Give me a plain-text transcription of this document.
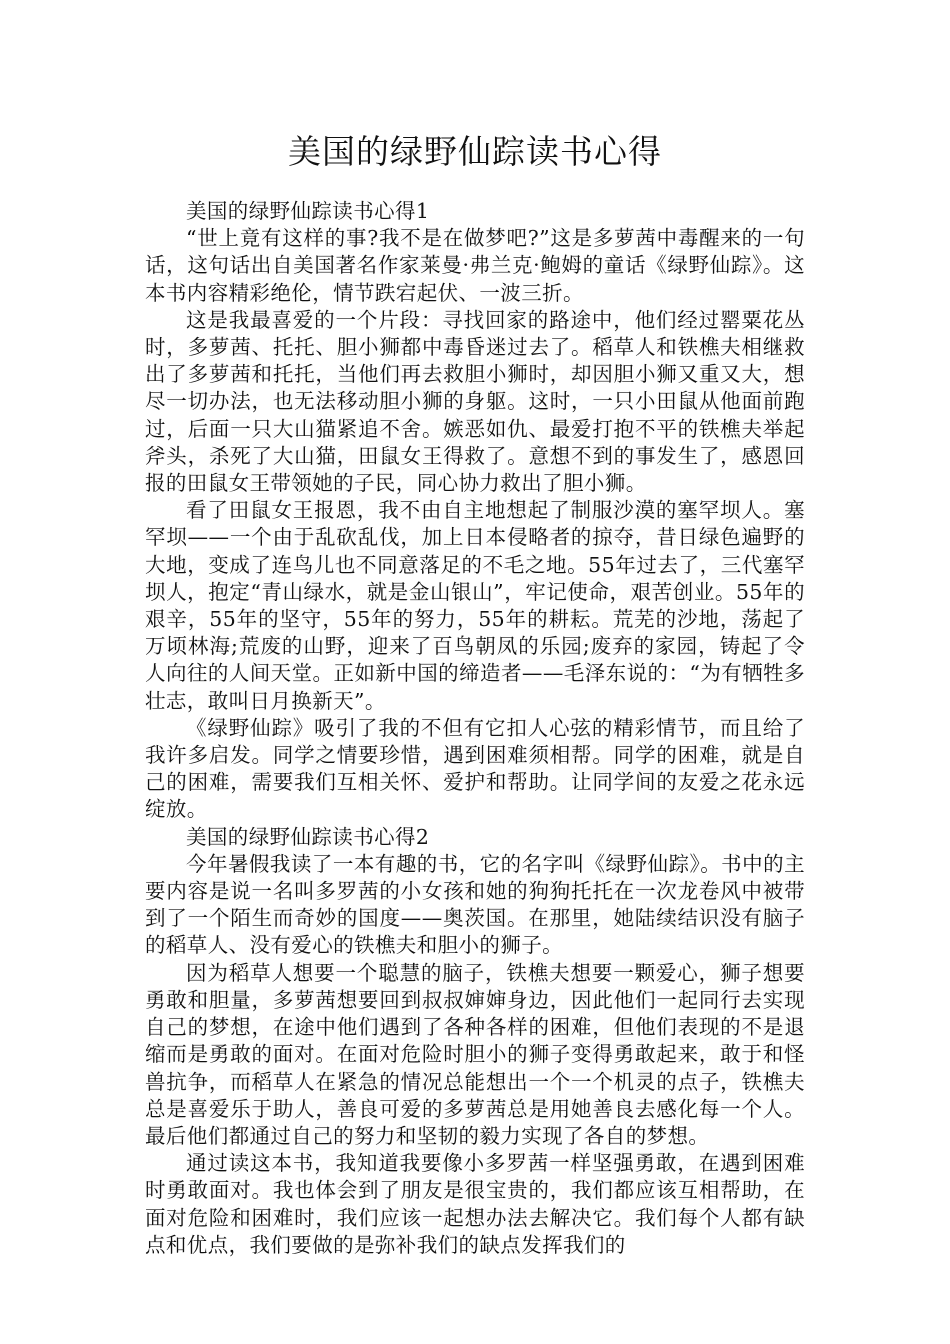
美国的绿野仙踪读书心得

美国的绿野仙踪读书心得1

“世上竟有这样的事?我不是在做梦吧?”这是多萝茜中毒醒来的一句话，这句话出自美国著名作家莱曼·弗兰克·鲍姆的童话《绿野仙踪》。这本书内容精彩绝伦，情节跌宕起伏、一波三折。

这是我最喜爱的一个片段：寻找回家的路途中，他们经过罂粟花丛时，多萝茜、托托、胆小狮都中毒昏迷过去了。稻草人和铁樵夫相继救出了多萝茜和托托，当他们再去救胆小狮时，却因胆小狮又重又大，想尽一切办法，也无法移动胆小狮的身躯。这时，一只小田鼠从他面前跑过，后面一只大山猫紧追不舍。嫉恶如仇、最爱打抱不平的铁樵夫举起斧头，杀死了大山猫，田鼠女王得救了。意想不到的事发生了，感恩回报的田鼠女王带领她的子民，同心协力救出了胆小狮。

看了田鼠女王报恩，我不由自主地想起了制服沙漠的塞罕坝人。塞罕坝——一个由于乱砍乱伐，加上日本侵略者的掠夺，昔日绿色遍野的大地，变成了连鸟儿也不同意落足的不毛之地。55年过去了，三代塞罕坝人，抱定“青山绿水，就是金山银山”，牢记使命，艰苦创业。55年的艰辛，55年的坚守，55年的努力，55年的耕耘。荒芜的沙地，荡起了万顷林海;荒废的山野，迎来了百鸟朝凤的乐园;废弃的家园，铸起了令人向往的人间天堂。正如新中国的缔造者——毛泽东说的：“为有牺牲多壮志，敢叫日月换新天”。

《绿野仙踪》吸引了我的不但有它扣人心弦的精彩情节，而且给了我许多启发。同学之情要珍惜，遇到困难须相帮。同学的困难，就是自己的困难，需要我们互相关怀、爱护和帮助。让同学间的友爱之花永远绽放。

美国的绿野仙踪读书心得2

今年暑假我读了一本有趣的书，它的名字叫《绿野仙踪》。书中的主要内容是说一名叫多罗茜的小女孩和她的狗狗托托在一次龙卷风中被带到了一个陌生而奇妙的国度——奥茨国。在那里，她陆续结识没有脑子的稻草人、没有爱心的铁樵夫和胆小的狮子。

因为稻草人想要一个聪慧的脑子，铁樵夫想要一颗爱心，狮子想要勇敢和胆量，多萝茜想要回到叔叔婶婶身边，因此他们一起同行去实现自己的梦想，在途中他们遇到了各种各样的困难，但他们表现的不是退缩而是勇敢的面对。在面对危险时胆小的狮子变得勇敢起来，敢于和怪兽抗争，而稻草人在紧急的情况总能想出一个一个机灵的点子，铁樵夫总是喜爱乐于助人，善良可爱的多萝茜总是用她善良去感化每一个人。最后他们都通过自己的努力和坚韧的毅力实现了各自的梦想。

通过读这本书，我知道我要像小多罗茜一样坚强勇敢，在遇到困难时勇敢面对。我也体会到了朋友是很宝贵的，我们都应该互相帮助，在面对危险和困难时，我们应该一起想办法去解决它。我们每个人都有缺点和优点，我们要做的是弥补我们的缺点发挥我们的
